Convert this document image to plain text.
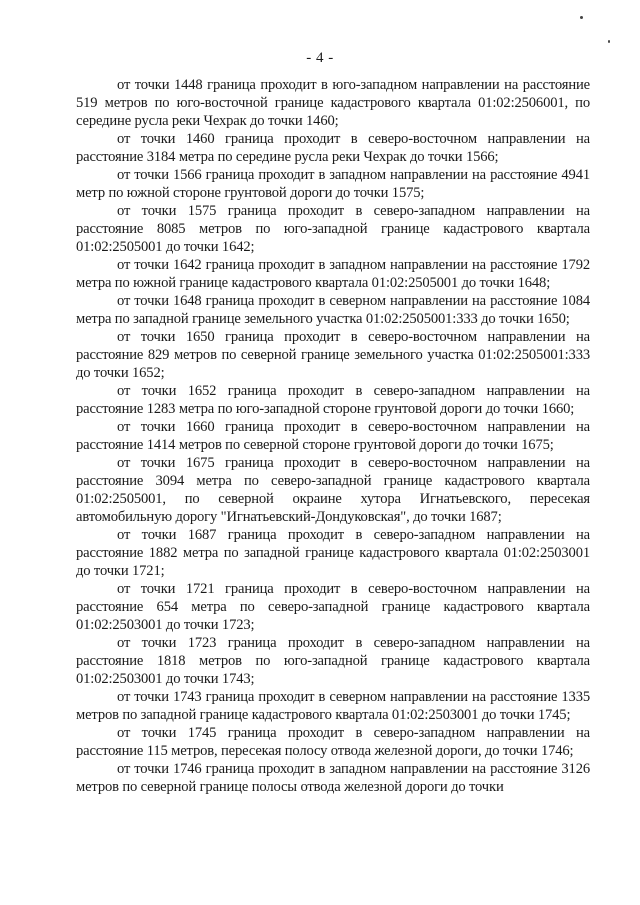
- 4 -

от точки 1448 граница проходит в юго-западном направлении на расстояние 519 метров по юго-восточной границе кадастрового квартала 01:02:2506001, по середине русла реки Чехрак до точки 1460;

от точки 1460 граница проходит в северо-восточном направлении на расстояние 3184 метра по середине русла реки Чехрак до точки 1566;

от точки 1566 граница проходит в западном направлении на расстояние 4941 метр по южной стороне грунтовой дороги до точки 1575;

от точки 1575 граница проходит в северо-западном направлении на расстояние 8085 метров по юго-западной границе кадастрового квартала 01:02:2505001 до точки 1642;

от точки 1642 граница проходит в западном направлении на расстояние 1792 метра по южной границе кадастрового квартала 01:02:2505001 до точки 1648;

от точки 1648 граница проходит в северном направлении на расстояние 1084 метра по западной границе земельного участка 01:02:2505001:333 до точки 1650;

от точки 1650 граница проходит в северо-восточном направлении на расстояние 829 метров по северной границе земельного участка 01:02:2505001:333 до точки 1652;

от точки 1652 граница проходит в северо-западном направлении на расстояние 1283 метра по юго-западной стороне грунтовой дороги до точки 1660;

от точки 1660 граница проходит в северо-восточном направлении на расстояние 1414 метров по северной стороне грунтовой дороги до точки 1675;

от точки 1675 граница проходит в северо-восточном направлении на расстояние 3094 метра по северо-западной границе кадастрового квартала 01:02:2505001, по северной окраине хутора Игнатьевского, пересекая автомобильную дорогу "Игнатьевский-Дондуковская", до точки 1687;

от точки 1687 граница проходит в северо-западном направлении на расстояние 1882 метра по западной границе кадастрового квартала 01:02:2503001 до точки 1721;

от точки 1721 граница проходит в северо-восточном направлении на расстояние 654 метра по северо-западной границе кадастрового квартала 01:02:2503001 до точки 1723;

от точки 1723 граница проходит в северо-западном направлении на расстояние 1818 метров по юго-западной границе кадастрового квартала 01:02:2503001 до точки 1743;

от точки 1743 граница проходит в северном направлении на расстояние 1335 метров по западной границе кадастрового квартала 01:02:2503001 до точки 1745;

от точки 1745 граница проходит в северо-западном направлении на расстояние 115 метров, пересекая полосу отвода железной дороги, до точки 1746;

от точки 1746 граница проходит в западном направлении на расстояние 3126 метров по северной границе полосы отвода железной дороги до точки
